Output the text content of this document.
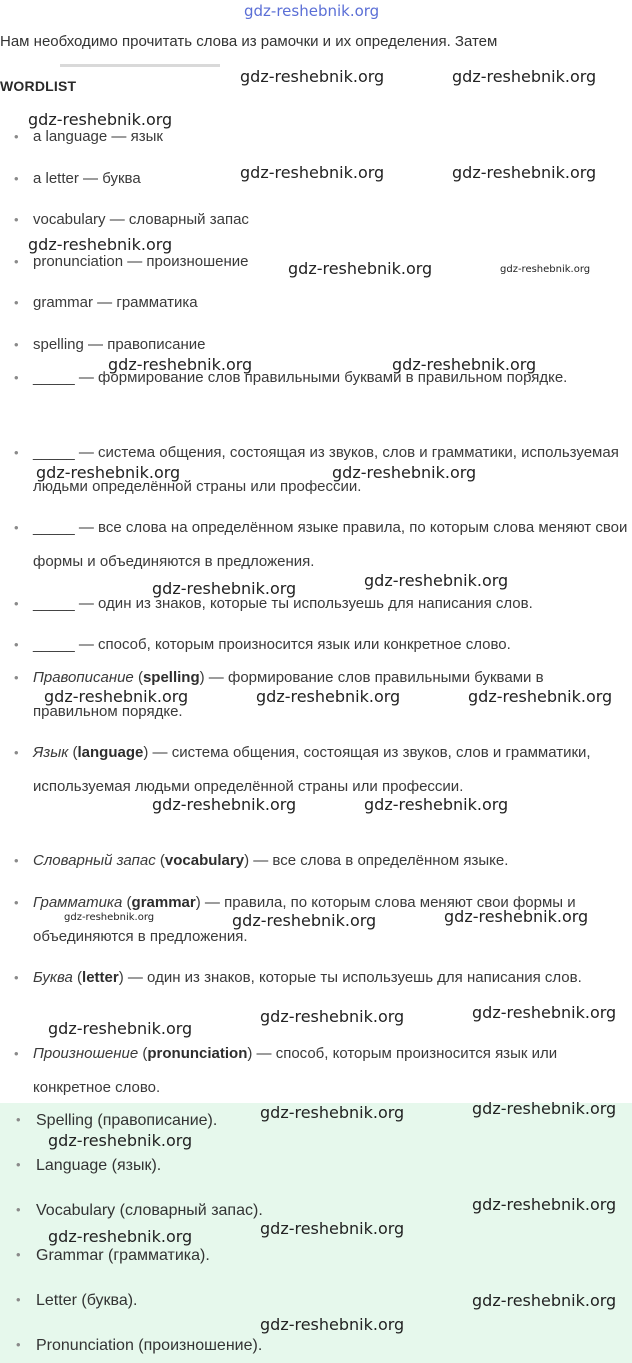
Нам необходимо прочитать слова из рамочки и их определения. Затем
WORDLIST
• a language — язык
• a letter — буква
• vocabulary — словарный запас
• pronunciation — произношение
• grammar — грамматика
• spelling — правописание
• _____ — формирование слов правильными буквами в правильном порядке.
• _____ — система общения, состоящая из звуков, слов и грамматики, используемая людьми определённой страны или профессии.
• _____ — все слова на определённом языке правила, по которым слова меняют свои формы и объединяются в предложения.
• _____ — один из знаков, которые ты используешь для написания слов.
• _____ — способ, которым произносится язык или конкретное слово.
• Правописание (spelling) — формирование слов правильными буквами в правильном порядке.
• Язык (language) — система общения, состоящая из звуков, слов и грамматики, используемая людьми определённой страны или профессии.
• Словарный запас (vocabulary) — все слова в определённом языке.
• Грамматика (grammar) — правила, по которым слова меняют свои формы и объединяются в предложения.
• Буква (letter) — один из знаков, которые ты используешь для написания слов.
• Произношение (pronunciation) — способ, которым произносится язык или конкретное слово.
• Spelling (правописание).
• Language (язык).
• Vocabulary (словарный запас).
• Grammar (грамматика).
• Letter (буква).
• Pronunciation (произношение).
gdz-reshebnik.org
gdz-reshebnik.org	gdz-reshebnik.org
gdz-reshebnik.org
gdz-reshebnik.org	gdz-reshebnik.org
gdz-reshebnik.org
gdz-reshebnik.org	gdz-reshebnik.org
gdz-reshebnik.org	gdz-reshebnik.org
gdz-reshebnik.org	gdz-reshebnik.org
gdz-reshebnik.org	gdz-reshebnik.org
gdz-reshebnik.org	gdz-reshebnik.org	gdz-reshebnik.org
gdz-reshebnik.org	gdz-reshebnik.org
gdz-reshebnik.org	gdz-reshebnik.org	gdz-reshebnik.org
gdz-reshebnik.org
gdz-reshebnik.org	gdz-reshebnik.org
gdz-reshebnik.org	gdz-reshebnik.org
gdz-reshebnik.org
gdz-reshebnik.org
gdz-reshebnik.org	gdz-reshebnik.org
gdz-reshebnik.org
gdz-reshebnik.org
